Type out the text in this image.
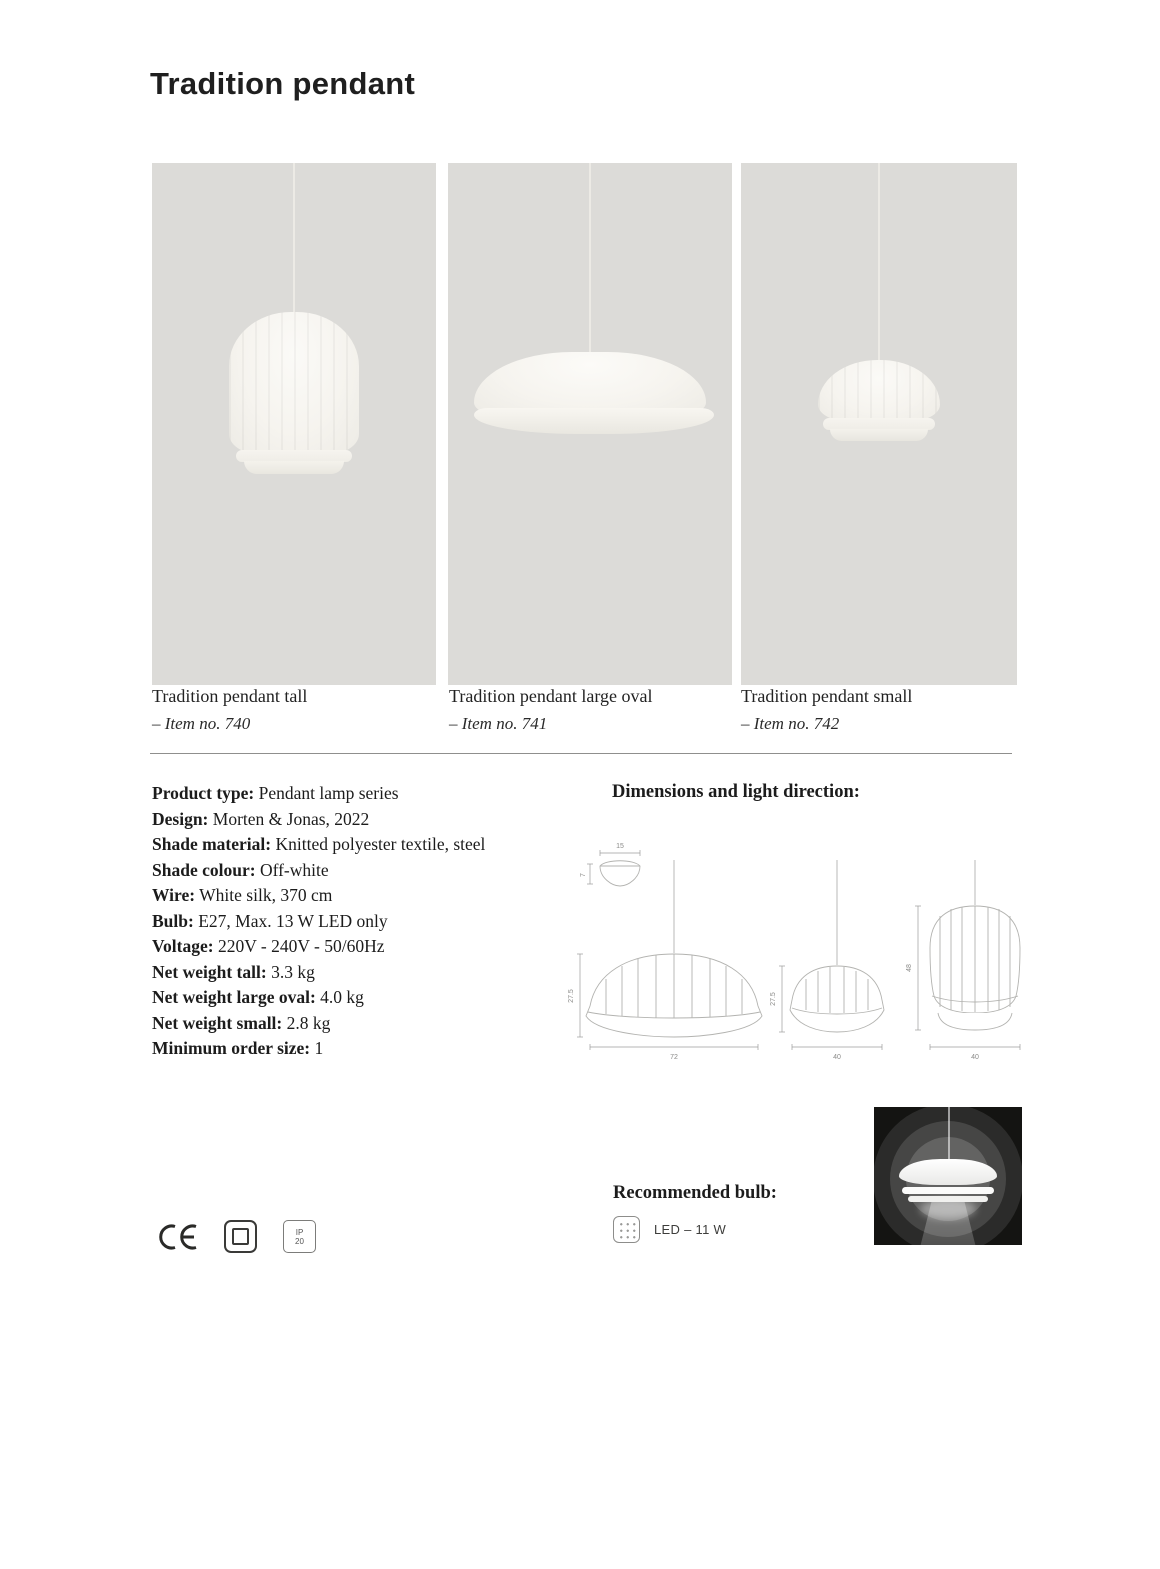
Tradition pendant
Tradition pendant tall
– Item no. 740
Tradition pendant large oval
– Item no. 741
Tradition pendant small
– Item no. 742

Product type: Pendant lamp series

Design: Morten & Jonas, 2022

Shade material: Knitted polyester textile, steel

Shade colour: Off-white

Wire: White silk, 370 cm

Bulb: E27, Max. 13 W LED only

Voltage: 220V - 240V - 50/60Hz

Net weight tall: 3.3 kg

Net weight large oval: 4.0 kg

Net weight small: 2.8 kg

Minimum order size: 1

Dimensions and light direction:
15
7
27.5
72
27.5
40
48
40
Recommended bulb:
LED – 11 W
IP
20
